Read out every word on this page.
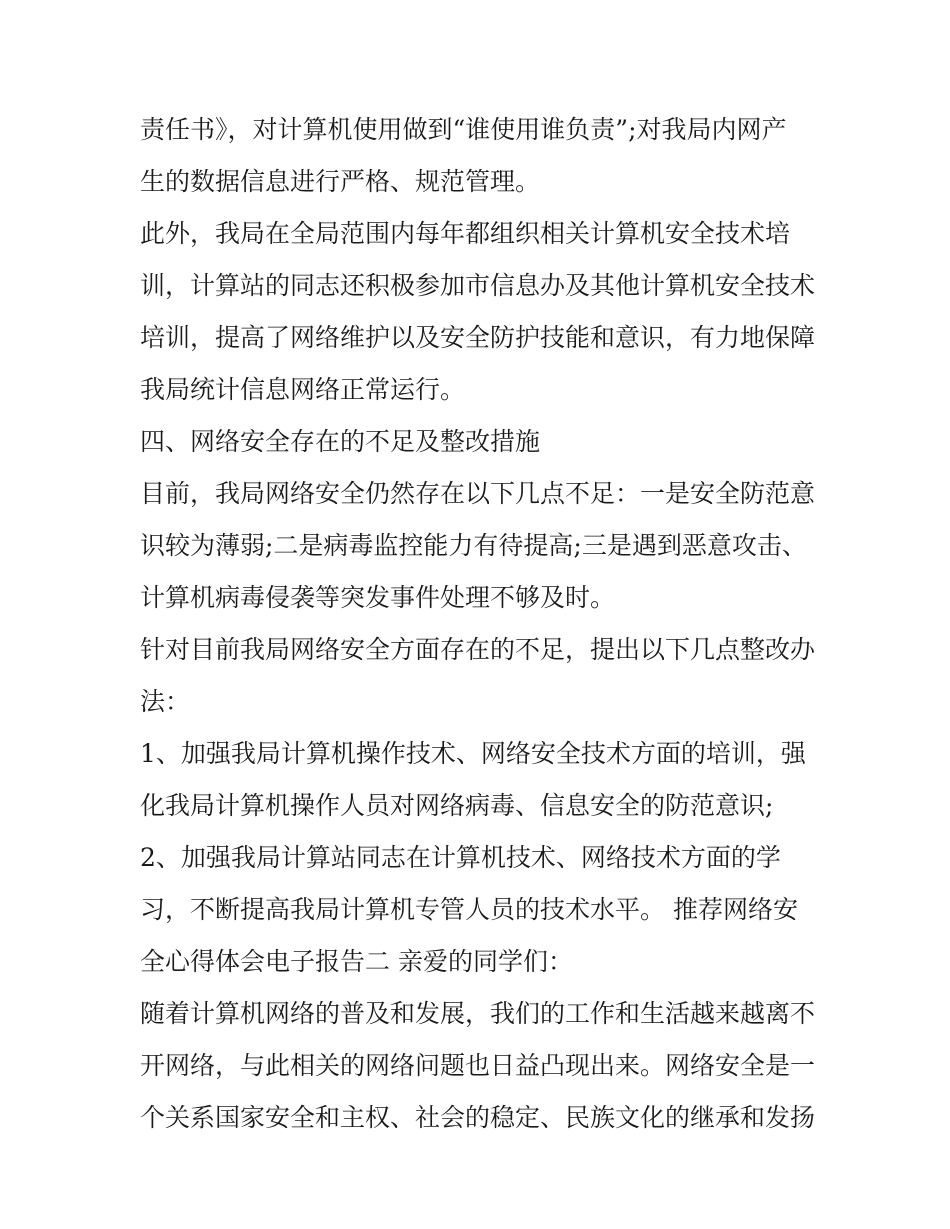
责任书》，对计算机使用做到“谁使用谁负责”;对我局内网产
生的数据信息进行严格、规范管理。
此外，我局在全局范围内每年都组织相关计算机安全技术培
训，计算站的同志还积极参加市信息办及其他计算机安全技术
培训，提高了网络维护以及安全防护技能和意识，有力地保障
我局统计信息网络正常运行。
四、网络安全存在的不足及整改措施
目前，我局网络安全仍然存在以下几点不足：一是安全防范意
识较为薄弱;二是病毒监控能力有待提高;三是遇到恶意攻击、
计算机病毒侵袭等突发事件处理不够及时。
针对目前我局网络安全方面存在的不足，提出以下几点整改办
法：
1、加强我局计算机操作技术、网络安全技术方面的培训，强
化我局计算机操作人员对网络病毒、信息安全的防范意识;
2、加强我局计算站同志在计算机技术、网络技术方面的学
习，不断提高我局计算机专管人员的技术水平。 推荐网络安
全心得体会电子报告二 亲爱的同学们：
随着计算机网络的普及和发展，我们的工作和生活越来越离不
开网络，与此相关的网络问题也日益凸现出来。网络安全是一
个关系国家安全和主权、社会的稳定、民族文化的继承和发扬
